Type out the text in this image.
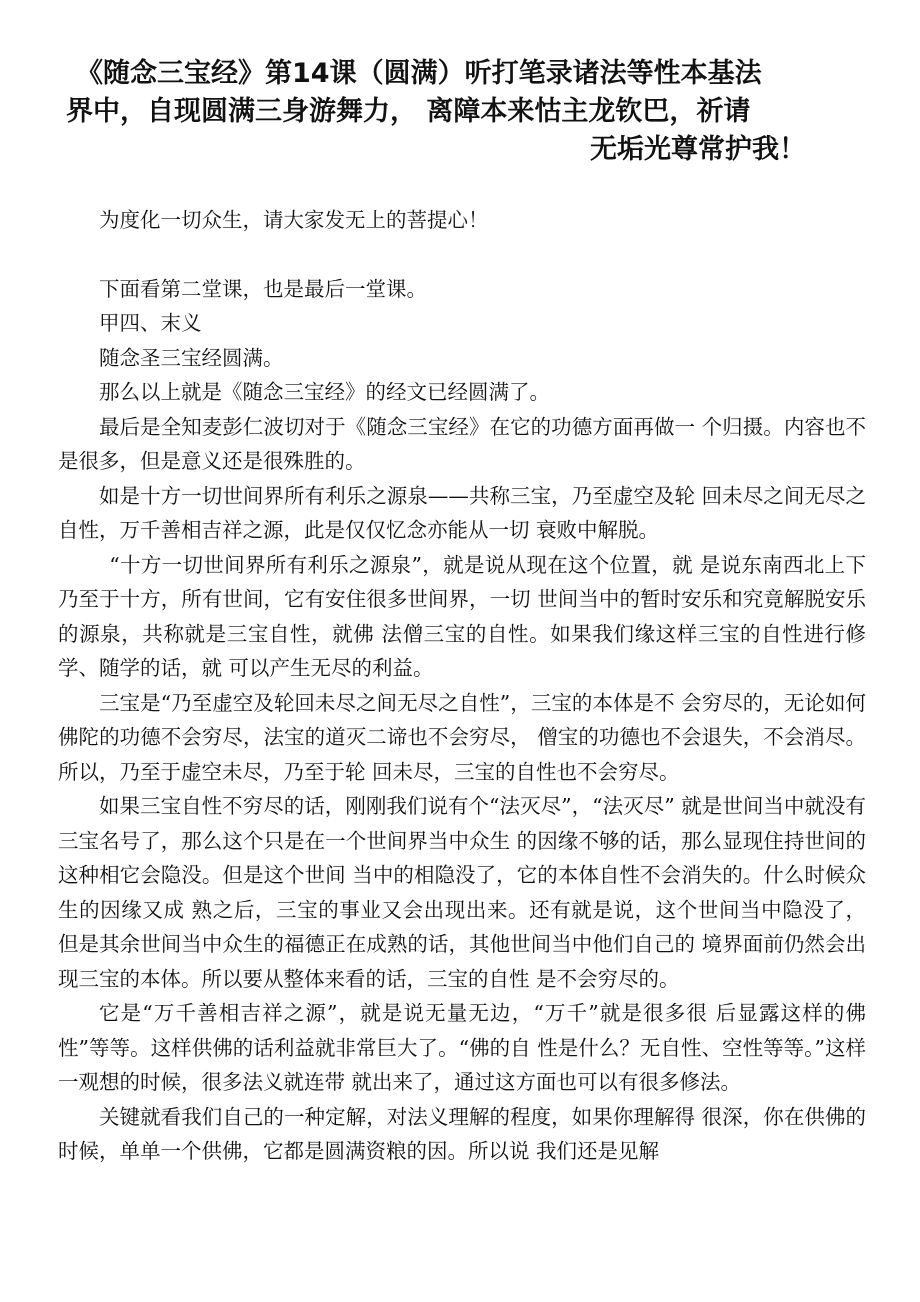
《随念三宝经》第14课（圆满）听打笔录诸法等性本基法
界中，自现圆满三身游舞力， 离障本来怙主龙钦巴，祈请
无垢光尊常护我！

为度化一切众生，请大家发无上的菩提心！

下面看第二堂课，也是最后一堂课。

甲四、末义

随念圣三宝经圆满。

那么以上就是《随念三宝经》的经文已经圆满了。

最后是全知麦彭仁波切对于《随念三宝经》在它的功德方面再做一 个归摄。内容也不是很多，但是意义还是很殊胜的。

如是十方一切世间界所有利乐之源泉——共称三宝，乃至虚空及轮 回未尽之间无尽之自性，万千善相吉祥之源，此是仅仅忆念亦能从一切 衰败中解脱。

“十方一切世间界所有利乐之源泉”，就是说从现在这个位置，就 是说东南西北上下乃至于十方，所有世间，它有安住很多世间界，一切 世间当中的暂时安乐和究竟解脱安乐的源泉，共称就是三宝自性，就佛 法僧三宝的自性。如果我们缘这样三宝的自性进行修学、随学的话，就 可以产生无尽的利益。

三宝是“乃至虚空及轮回未尽之间无尽之自性”，三宝的本体是不 会穷尽的，无论如何佛陀的功德不会穷尽，法宝的道灭二谛也不会穷尽， 僧宝的功德也不会退失，不会消尽。所以，乃至于虚空未尽，乃至于轮 回未尽，三宝的自性也不会穷尽。

如果三宝自性不穷尽的话，刚刚我们说有个“法灭尽”，“法灭尽” 就是世间当中就没有三宝名号了，那么这个只是在一个世间界当中众生 的因缘不够的话，那么显现住持世间的这种相它会隐没。但是这个世间 当中的相隐没了，它的本体自性不会消失的。什么时候众生的因缘又成 熟之后，三宝的事业又会出现出来。还有就是说，这个世间当中隐没了， 但是其余世间当中众生的福德正在成熟的话，其他世间当中他们自己的 境界面前仍然会出现三宝的本体。所以要从整体来看的话，三宝的自性 是不会穷尽的。

它是“万千善相吉祥之源”，就是说无量无边，“万千”就是很多很 后显露这样的佛性”等等。这样供佛的话利益就非常巨大了。“佛的自 性是什么？无自性、空性等等。”这样一观想的时候，很多法义就连带 就出来了，通过这方面也可以有很多修法。

关键就看我们自己的一种定解，对法义理解的程度，如果你理解得 很深，你在供佛的时候，单单一个供佛，它都是圆满资粮的因。所以说 我们还是见解
